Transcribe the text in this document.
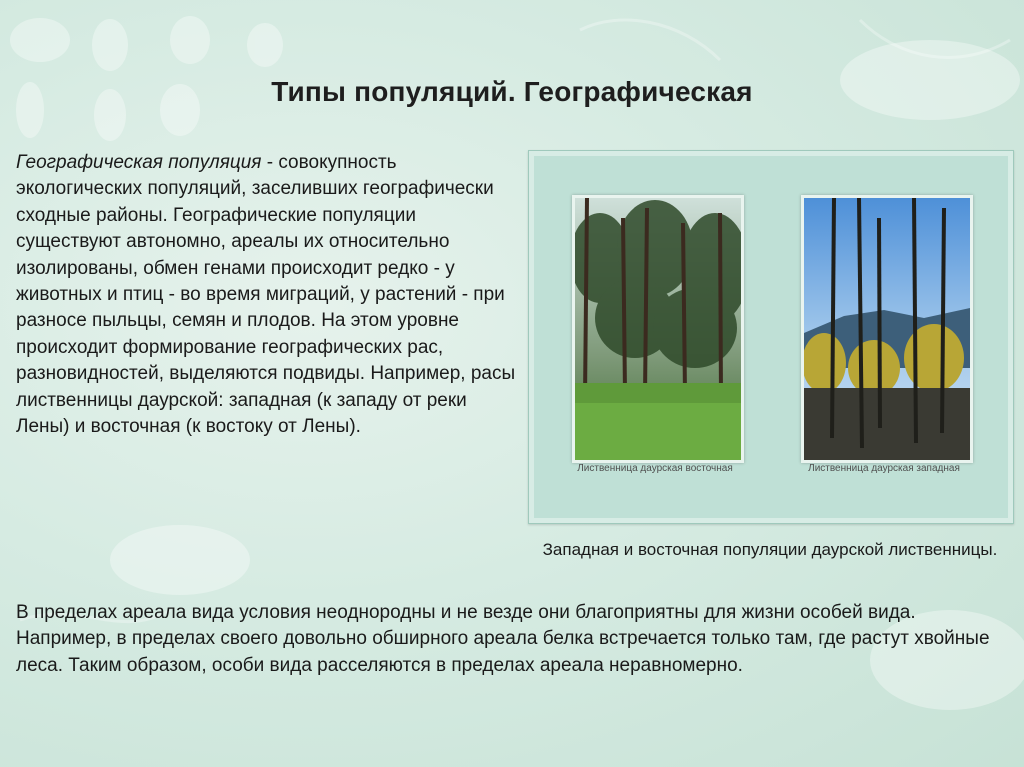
Типы популяций. Географическая
Географическая популяция - совокупность экологических популяций, заселивших географически сходные районы. Географические популяции существуют автономно, ареалы их относительно изолированы, обмен генами происходит редко - у животных и птиц - во время миграций, у растений - при разносе пыльцы, семян и плодов. На этом уровне происходит формирование географических рас, разновидностей, выделяются подвиды. Например, расы лиственницы даурской: западная (к западу от реки Лены) и восточная (к востоку от Лены).
Лиственница даурская восточная	Лиственница даурская западная
Западная и восточная популяции даурской лиственницы.
В пределах ареала вида условия неоднородны и не везде они благоприятны для жизни особей вида. Например, в пределах своего довольно обширного ареала белка встречается только там, где растут хвойные леса. Таким образом, особи вида расселяются в пределах ареала неравномерно.
